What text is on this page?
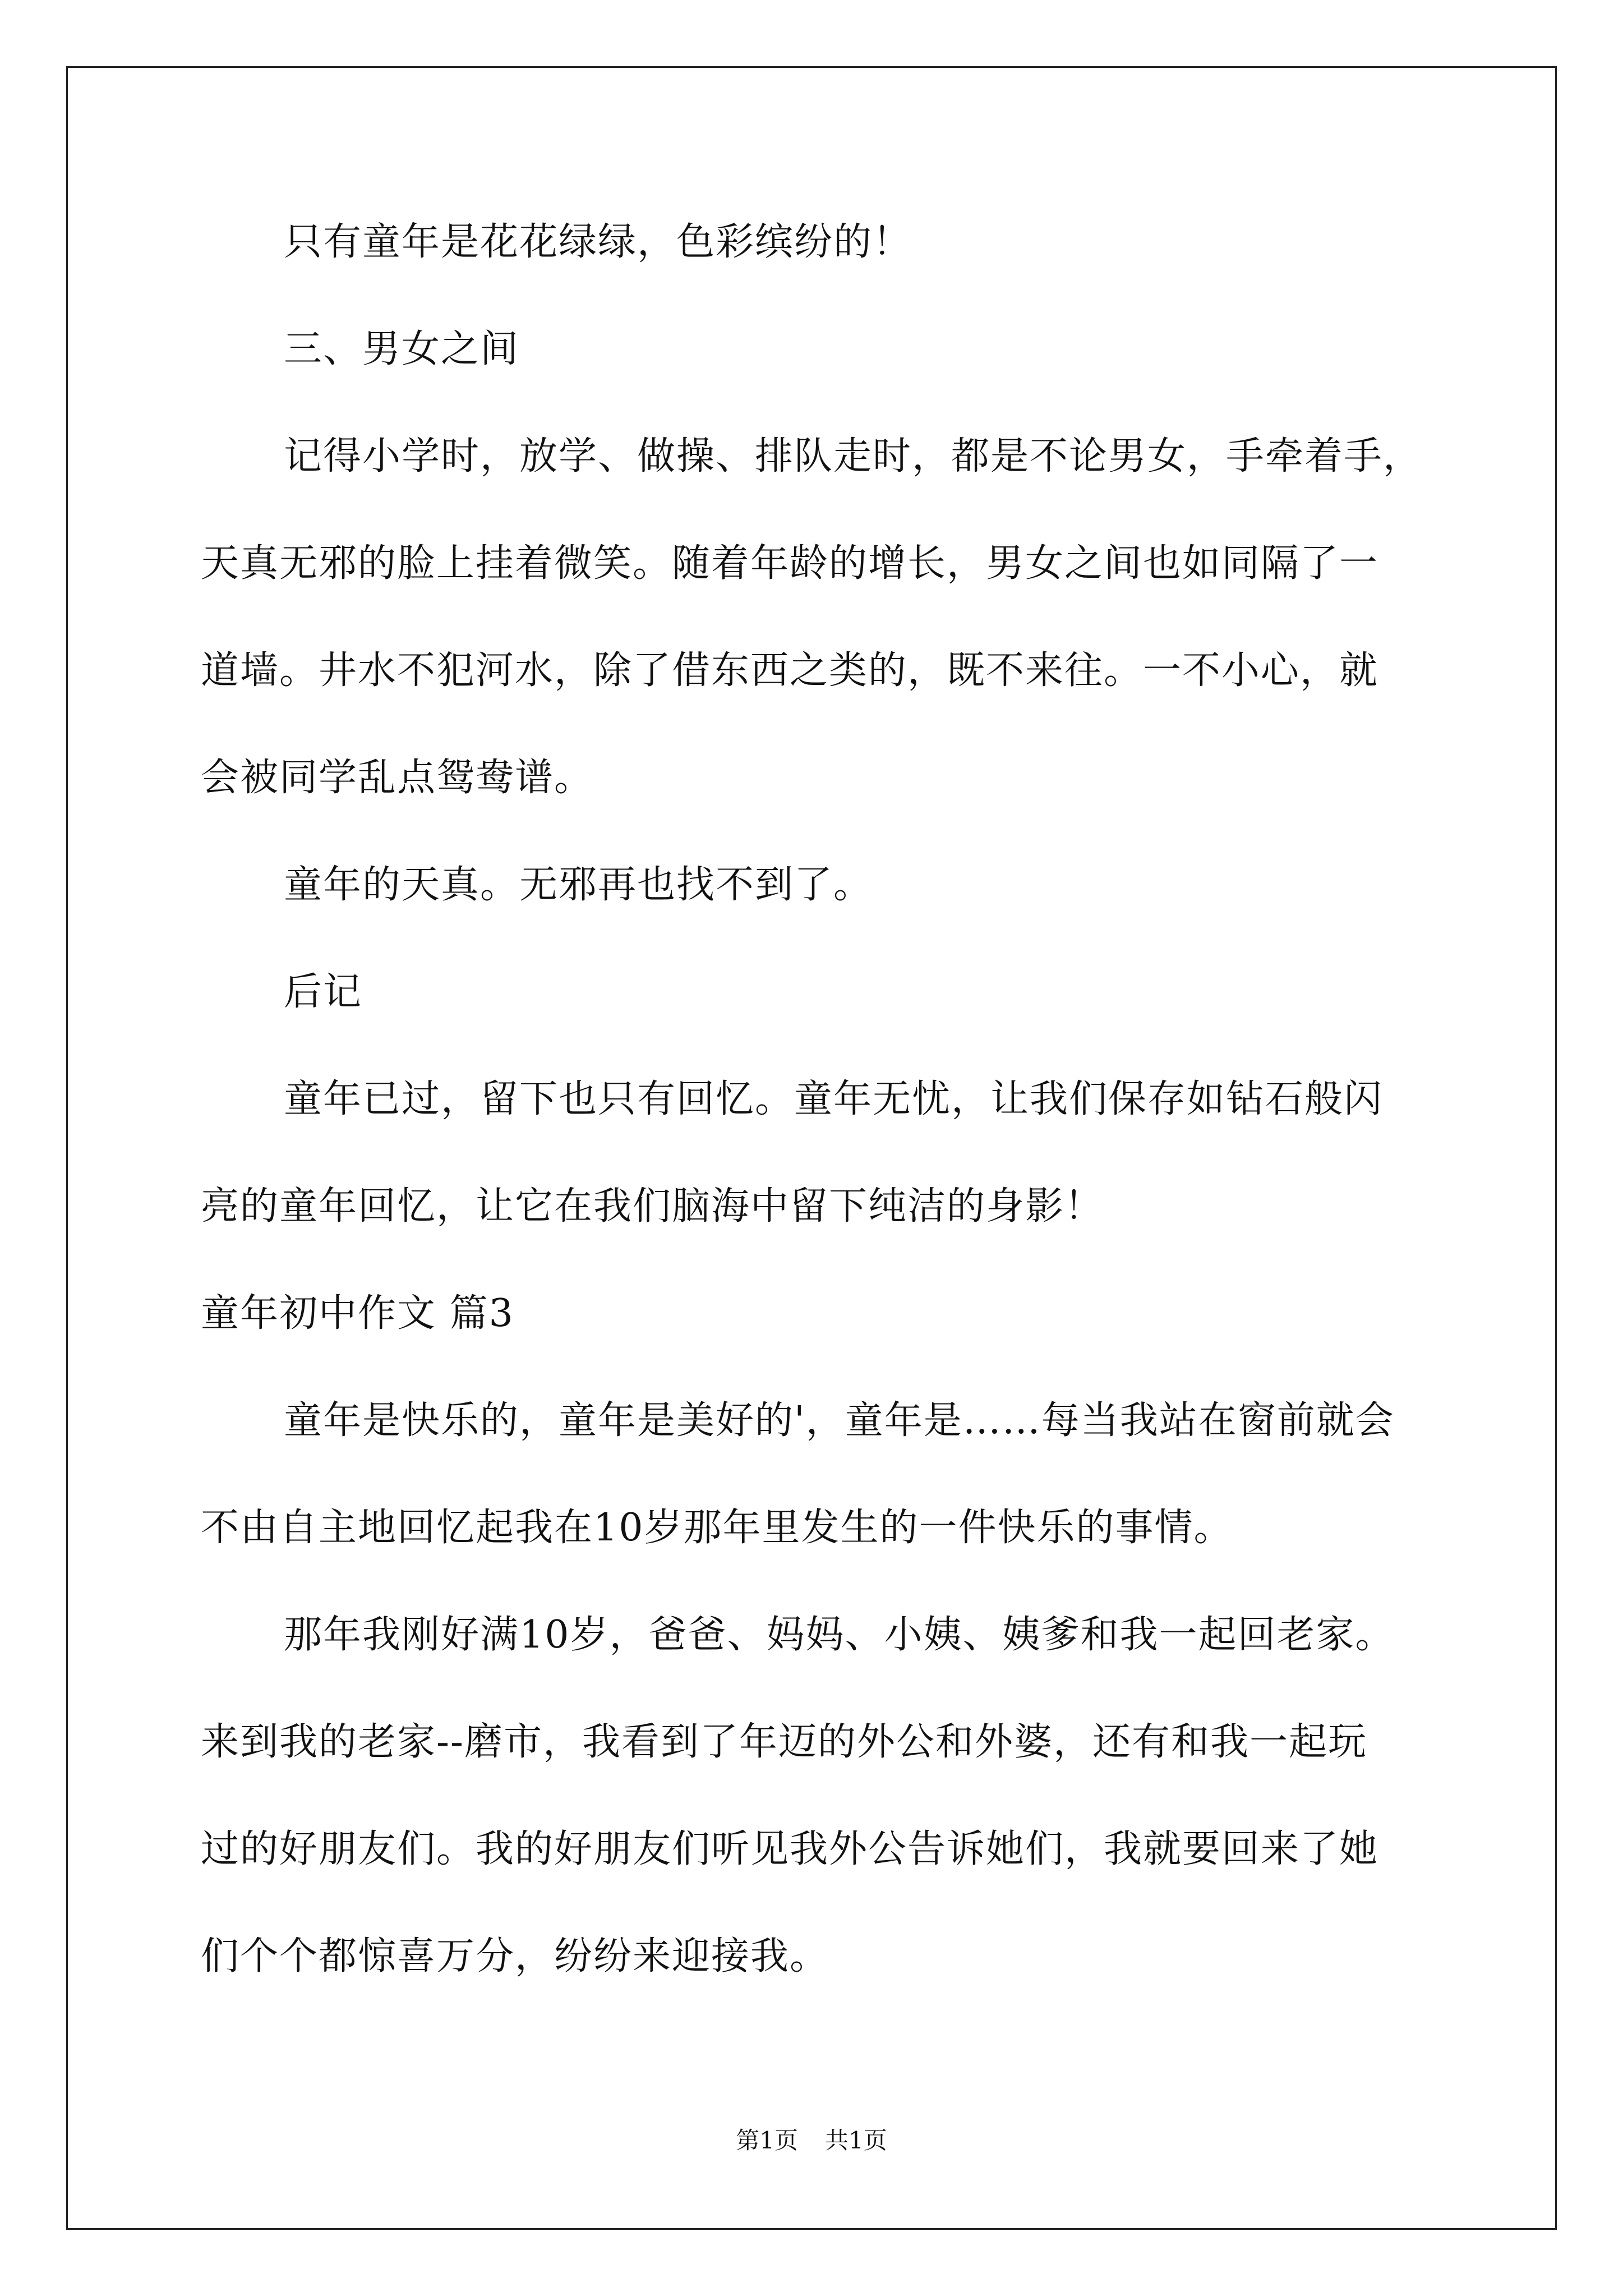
只有童年是花花绿绿，色彩缤纷的！
三、男女之间
记得小学时，放学、做操、排队走时，都是不论男女，手牵着手，
天真无邪的脸上挂着微笑。随着年龄的增长，男女之间也如同隔了一
道墙。井水不犯河水，除了借东西之类的，既不来往。一不小心，就
会被同学乱点鸳鸯谱。
童年的天真。无邪再也找不到了。
后记
童年已过，留下也只有回忆。童年无忧，让我们保存如钻石般闪
亮的童年回忆，让它在我们脑海中留下纯洁的身影！
童年初中作文 篇3
童年是快乐的，童年是美好的'，童年是……每当我站在窗前就会
不由自主地回忆起我在10岁那年里发生的一件快乐的事情。
那年我刚好满10岁，爸爸、妈妈、小姨、姨爹和我一起回老家。
来到我的老家--磨市，我看到了年迈的外公和外婆，还有和我一起玩
过的好朋友们。我的好朋友们听见我外公告诉她们，我就要回来了她
们个个都惊喜万分，纷纷来迎接我。
第1页 共1页
